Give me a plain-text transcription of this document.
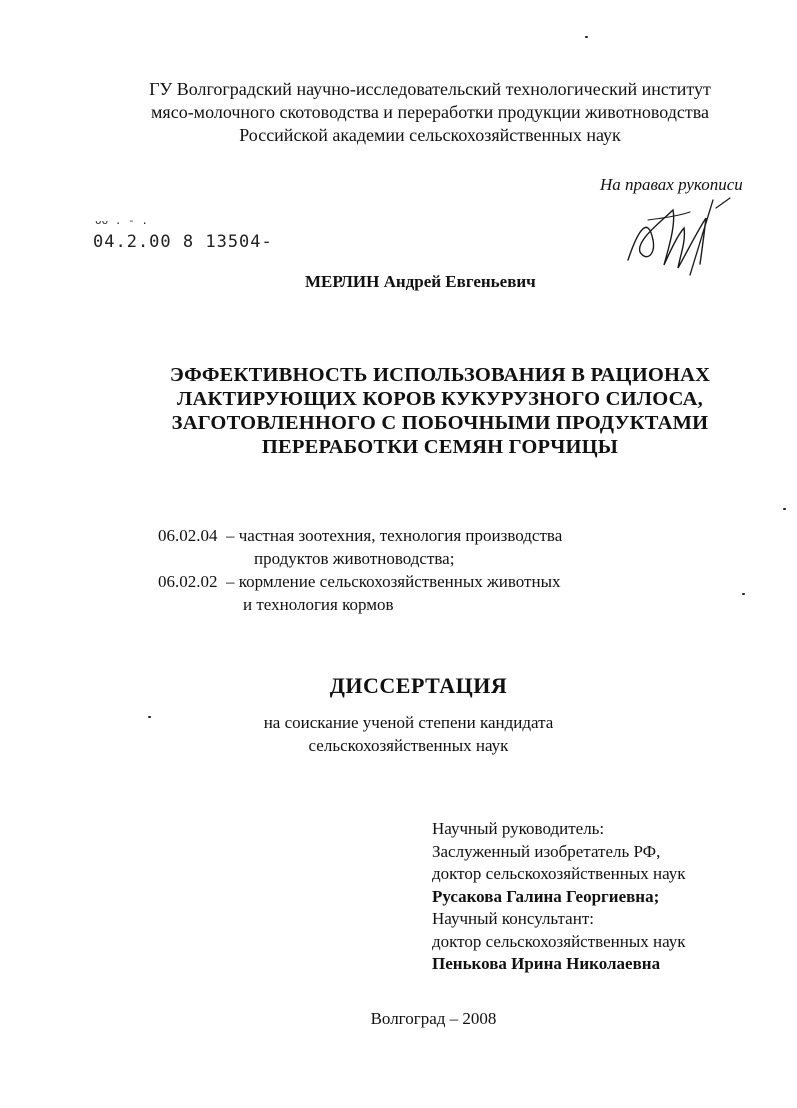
ГУ Волгоградский научно-исследовательский технологический институт
мясо-молочного скотоводства и переработки продукции животноводства
Российской академии сельскохозяйственных наук
На правах рукописи
ᴗᴗ . - .
04.2.00 8 13504-
МЕРЛИН Андрей Евгеньевич
ЭФФЕКТИВНОСТЬ ИСПОЛЬЗОВАНИЯ В РАЦИОНАХ
ЛАКТИРУЮЩИХ КОРОВ КУКУРУЗНОГО СИЛОСА,
ЗАГОТОВЛЕННОГО С ПОБОЧНЫМИ ПРОДУКТАМИ
ПЕРЕРАБОТКИ СЕМЯН ГОРЧИЦЫ
06.02.04 – частная зоотехния, технология производства
продуктов животноводства;
06.02.02 – кормление сельскохозяйственных животных
и технология кормов
ДИССЕРТАЦИЯ
на соискание ученой степени кандидата
сельскохозяйственных наук
Научный руководитель:
Заслуженный изобретатель РФ,
доктор сельскохозяйственных наук
Русакова Галина Георгиевна;
Научный консультант:
доктор сельскохозяйственных наук
Пенькова Ирина Николаевна
Волгоград – 2008
